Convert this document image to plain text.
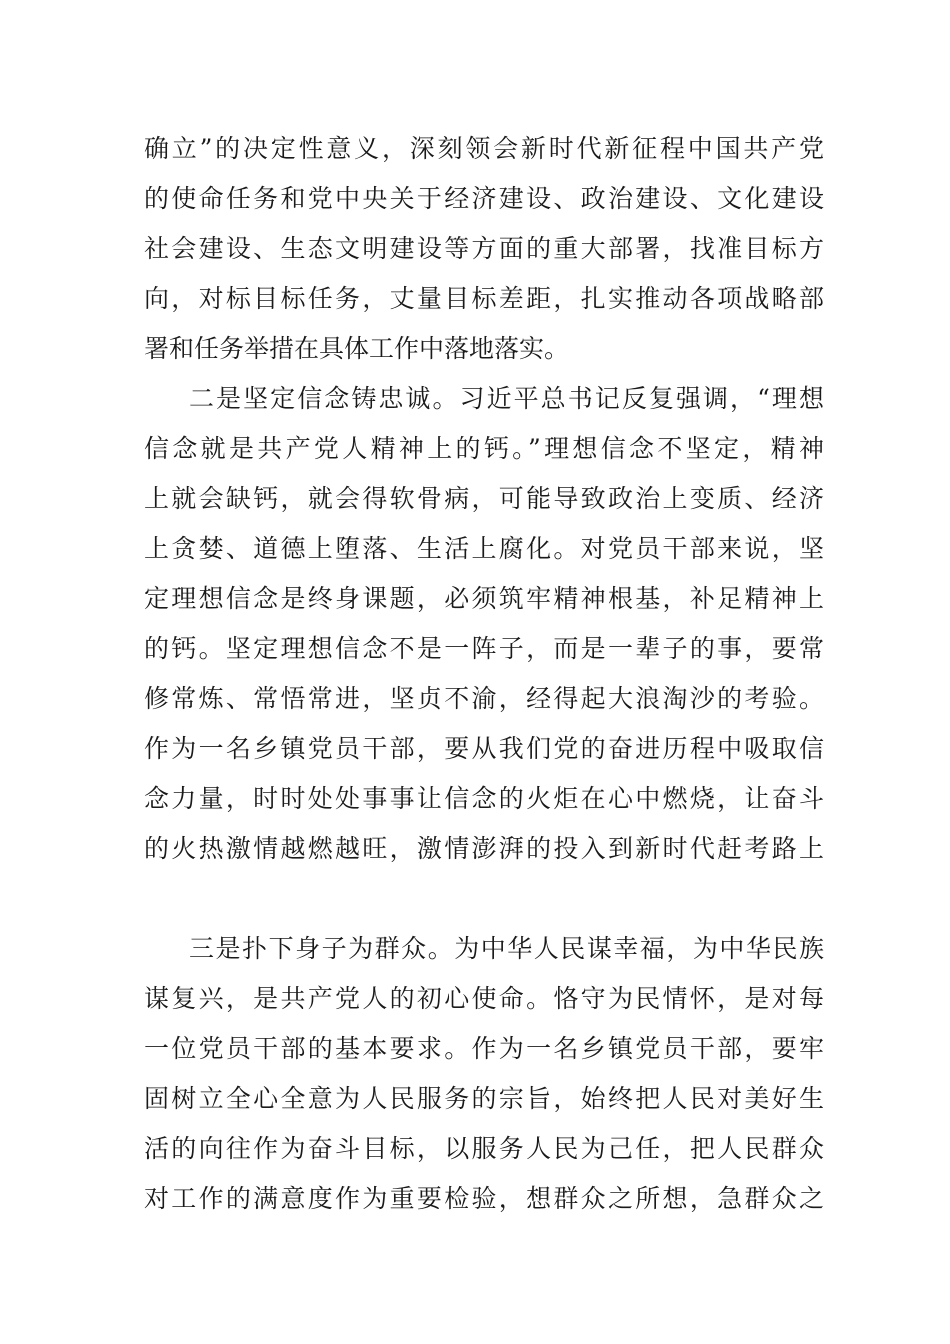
确立”的决定性意义，深刻领会新时代新征程中国共产党
的使命任务和党中央关于经济建设、政治建设、文化建设
社会建设、生态文明建设等方面的重大部署，找准目标方
向，对标目标任务，丈量目标差距，扎实推动各项战略部
署和任务举措在具体工作中落地落实。
二是坚定信念铸忠诚。习近平总书记反复强调，“理想
信念就是共产党人精神上的钙。”理想信念不坚定，精神
上就会缺钙，就会得软骨病，可能导致政治上变质、经济
上贪婪、道德上堕落、生活上腐化。对党员干部来说，坚
定理想信念是终身课题，必须筑牢精神根基，补足精神上
的钙。坚定理想信念不是一阵子，而是一辈子的事，要常
修常炼、常悟常进，坚贞不渝，经得起大浪淘沙的考验。
作为一名乡镇党员干部，要从我们党的奋进历程中吸取信
念力量，时时处处事事让信念的火炬在心中燃烧，让奋斗
的火热激情越燃越旺，激情澎湃的投入到新时代赶考路上
三是扑下身子为群众。为中华人民谋幸福，为中华民族
谋复兴，是共产党人的初心使命。恪守为民情怀，是对每
一位党员干部的基本要求。作为一名乡镇党员干部，要牢
固树立全心全意为人民服务的宗旨，始终把人民对美好生
活的向往作为奋斗目标，以服务人民为己任，把人民群众
对工作的满意度作为重要检验，想群众之所想，急群众之
